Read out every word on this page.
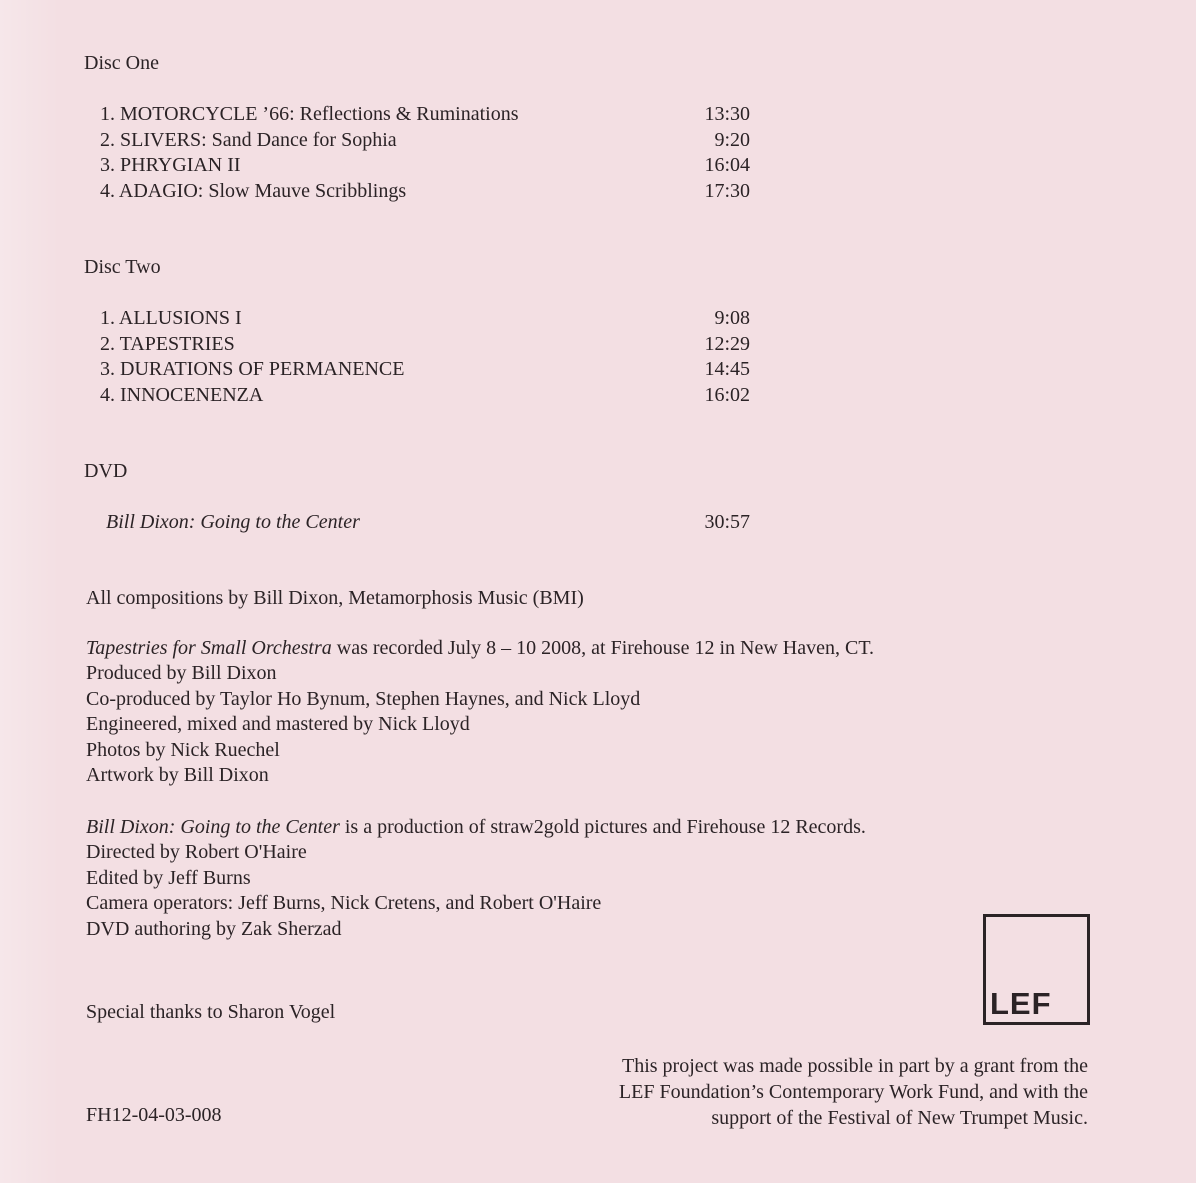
Disc One
1. MOTORCYCLE ’66: Reflections & Ruminations	13:30
2. SLIVERS: Sand Dance for Sophia	9:20
3. PHRYGIAN II	16:04
4. ADAGIO: Slow Mauve Scribblings	17:30
Disc Two
1. ALLUSIONS I	9:08
2. TAPESTRIES	12:29
3. DURATIONS OF PERMANENCE	14:45
4. INNOCENENZA	16:02
DVD
Bill Dixon: Going to the Center	30:57
All compositions by Bill Dixon, Metamorphosis Music (BMI)
Tapestries for Small Orchestra was recorded July 8 – 10 2008, at Firehouse 12 in New Haven, CT.
Produced by Bill Dixon
Co-produced by Taylor Ho Bynum, Stephen Haynes, and Nick Lloyd
Engineered, mixed and mastered by Nick Lloyd
Photos by Nick Ruechel
Artwork by Bill Dixon
Bill Dixon: Going to the Center is a production of straw2gold pictures and Firehouse 12 Records.
Directed by Robert O'Haire
Edited by Jeff Burns
Camera operators: Jeff Burns, Nick Cretens, and Robert O'Haire
DVD authoring by Zak Sherzad
Special thanks to Sharon Vogel	LEF
This project was made possible in part by a grant from the
LEF Foundation’s Contemporary Work Fund, and with the
support of the Festival of New Trumpet Music.
FH12-04-03-008
